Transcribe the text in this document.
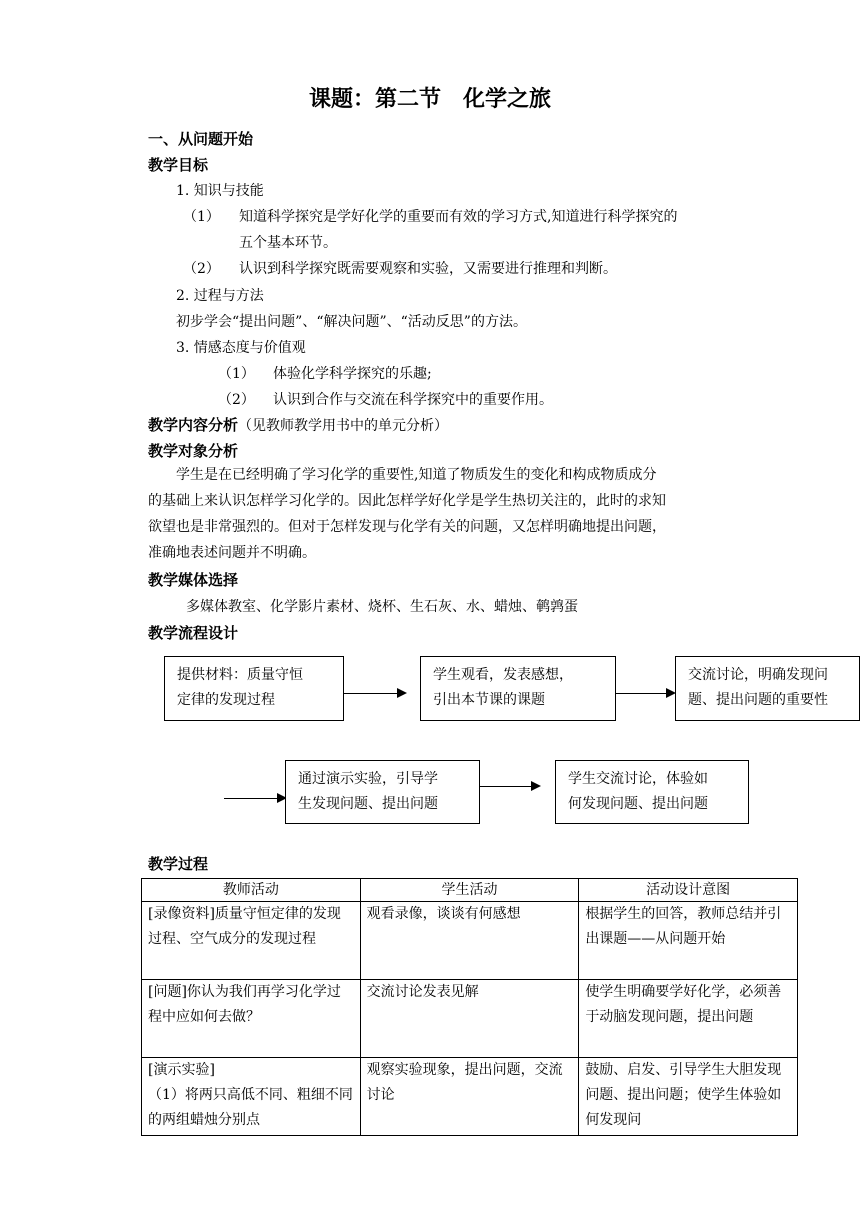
课题：第二节　化学之旅
一、从问题开始
教学目标
1. 知识与技能
（1） 知道科学探究是学好化学的重要而有效的学习方式,知道进行科学探究的
五个基本环节。
（2） 认识到科学探究既需要观察和实验，又需要进行推理和判断。
2. 过程与方法
初步学会“提出问题”、“解决问题”、“活动反思”的方法。
3. 情感态度与价值观
（1） 体验化学科学探究的乐趣;
（2） 认识到合作与交流在科学探究中的重要作用。
教学内容分析（见教师教学用书中的单元分析）
教学对象分析
学生是在已经明确了学习化学的重要性,知道了物质发生的变化和构成物质成分
的基础上来认识怎样学习化学的。因此怎样学好化学是学生热切关注的，此时的求知
欲望也是非常强烈的。但对于怎样发现与化学有关的问题，又怎样明确地提出问题，
准确地表述问题并不明确。
教学媒体选择
多媒体教室、化学影片素材、烧杯、生石灰、水、蜡烛、鹌鹑蛋
教学流程设计
提供材料：质量守恒
定律的发现过程
学生观看，发表感想，
引出本节课的课题
交流讨论，明确发现问
题、提出问题的重要性
通过演示实验，引导学
生发现问题、提出问题
学生交流讨论，体验如
何发现问题、提出问题
教学过程
教师活动	学生活动	活动设计意图
[录像资料]质量守恒定律的发现过程、空气成分的发现过程	观看录像，谈谈有何感想	根据学生的回答，教师总结并引出课题——从问题开始
[问题]你认为我们再学习化学过程中应如何去做？	交流讨论发表见解	使学生明确要学好化学，必须善于动脑发现问题，提出问题
[演示实验]
（1）将两只高低不同、粗细不同的两组蜡烛分别点	观察实验现象，提出问题，交流讨论	鼓励、启发、引导学生大胆发现问题、提出问题；使学生体验如何发现问
